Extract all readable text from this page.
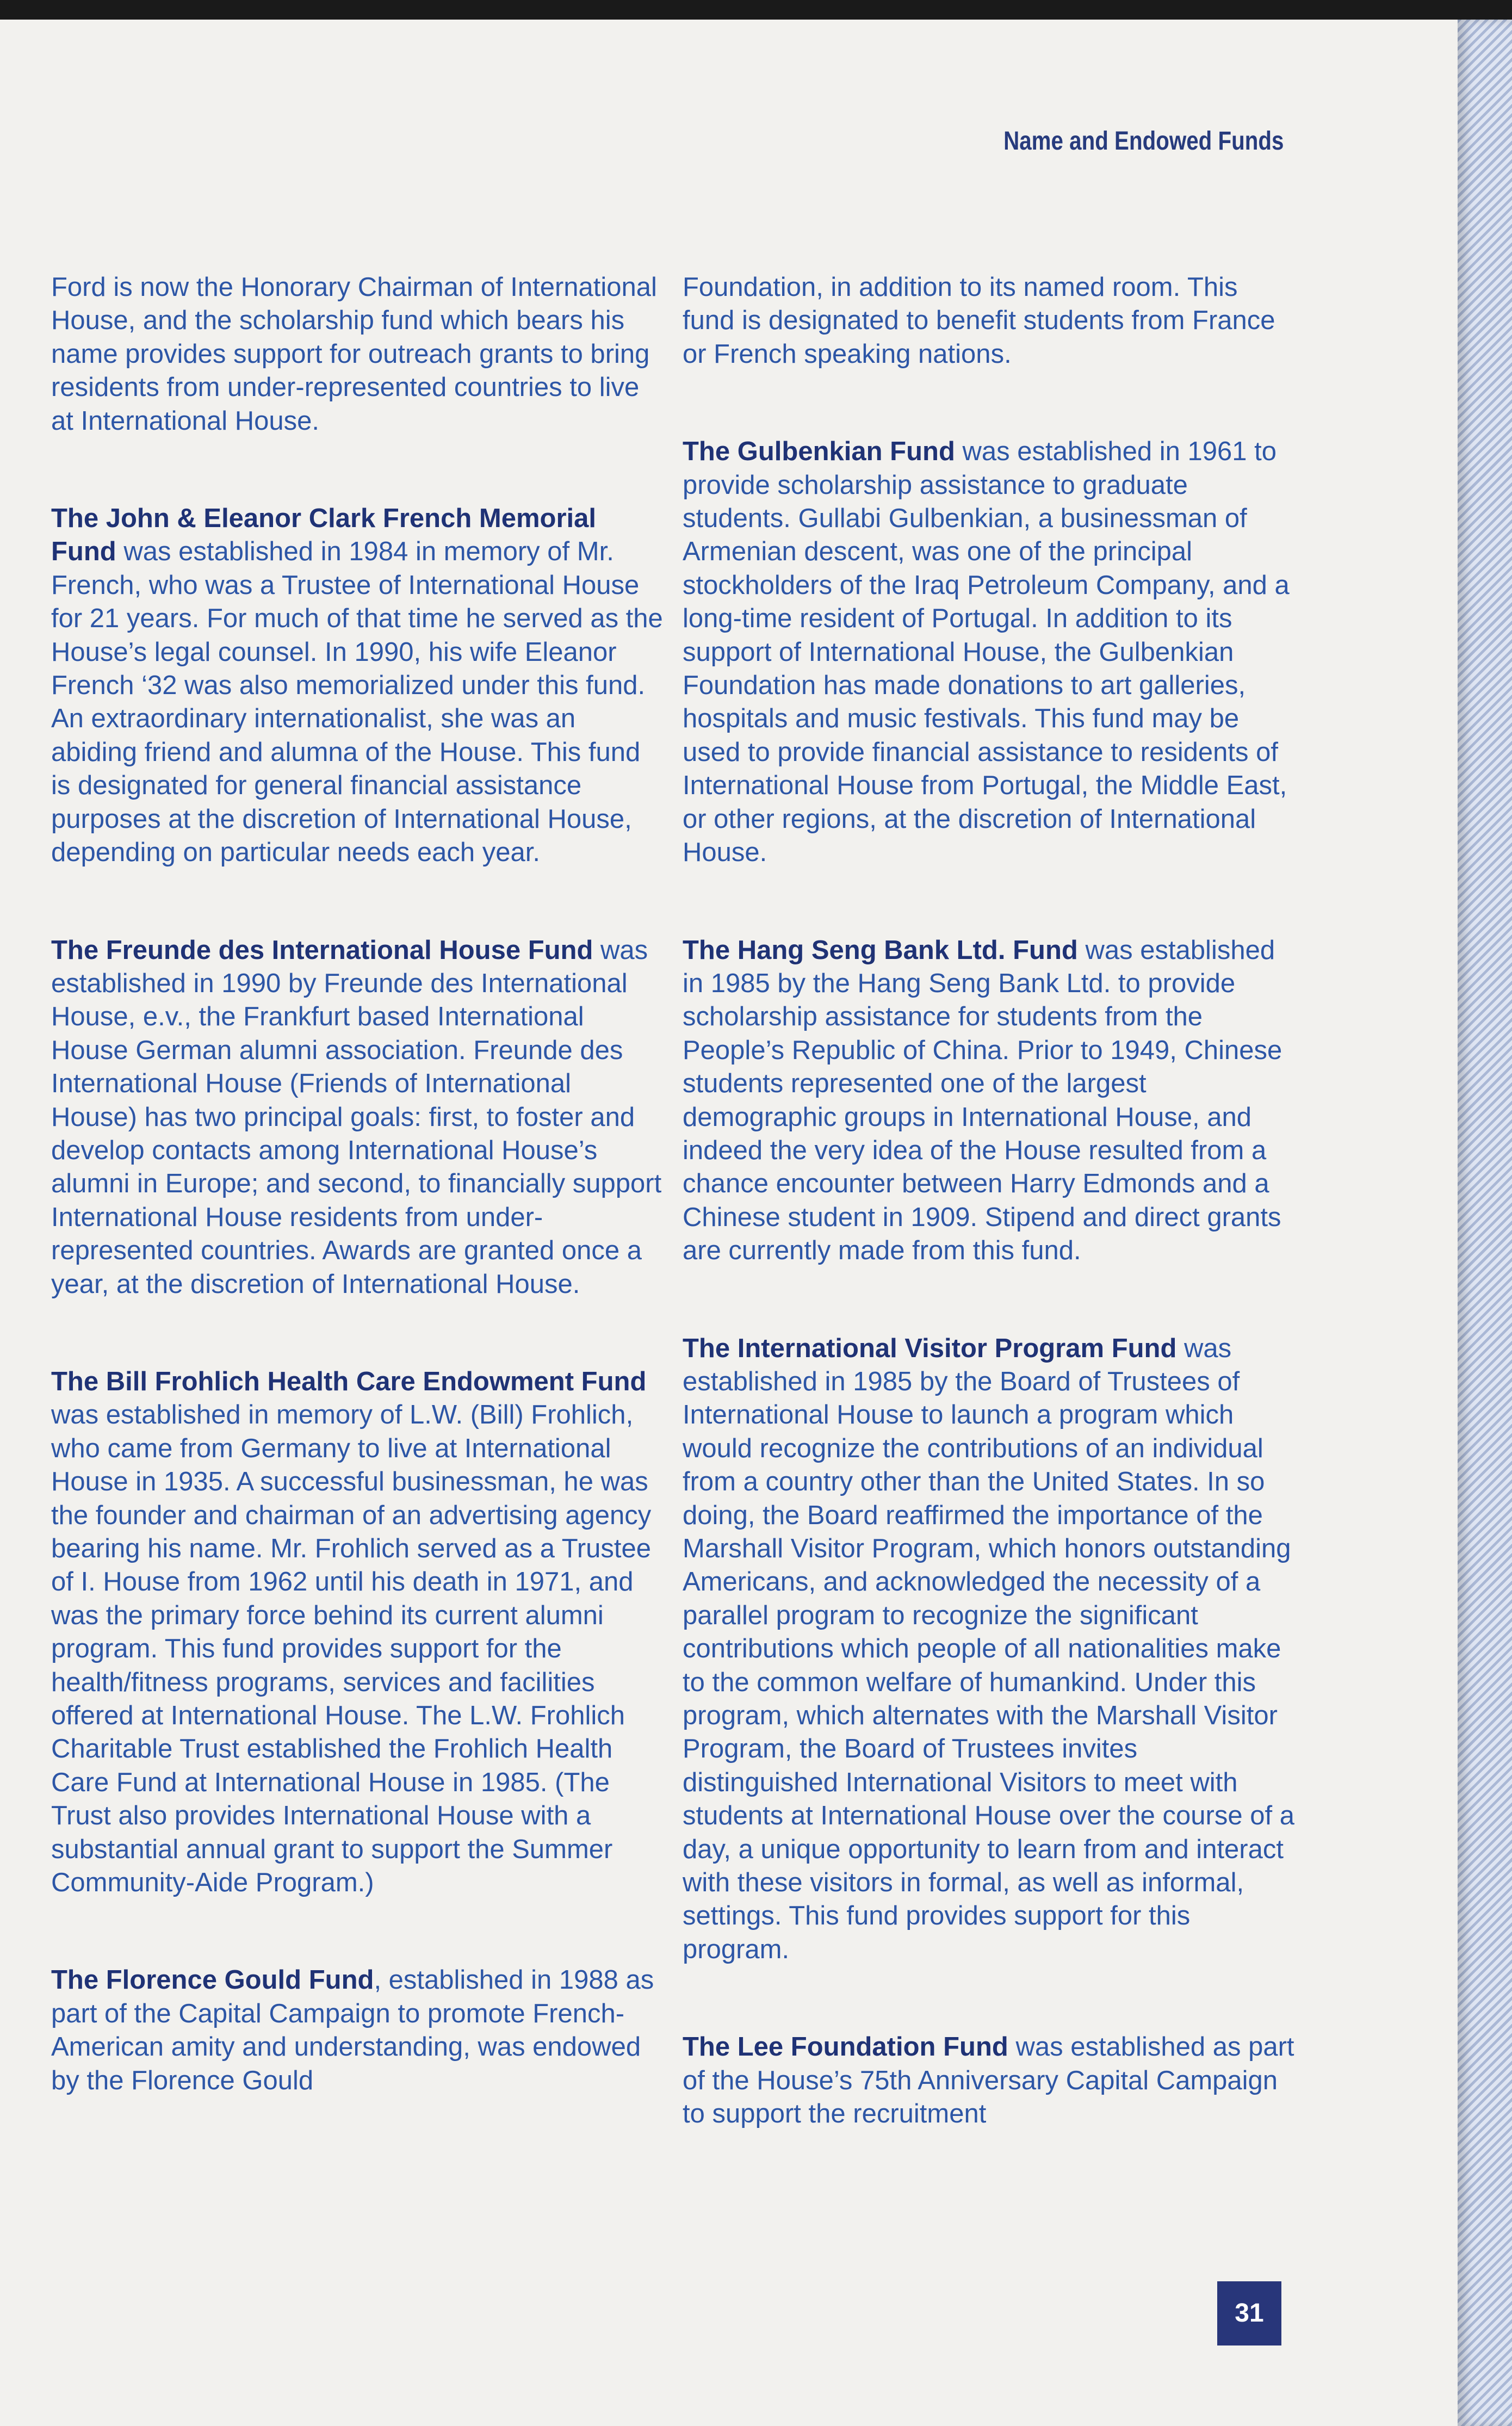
Name and Endowed Funds

Ford is now the Honorary Chairman of International House, and the scholarship fund which bears his name provides support for outreach grants to bring residents from under-represented countries to live at International House.

The John & Eleanor Clark French Memorial Fund was established in 1984 in memory of Mr. French, who was a Trustee of International House for 21 years. For much of that time he served as the House’s legal counsel. In 1990, his wife Eleanor French ‘32 was also memorialized under this fund. An extraordinary internationalist, she was an abiding friend and alumna of the House. This fund is designated for general financial assistance purposes at the discretion of International House, depending on particular needs each year.

The Freunde des International House Fund was established in 1990 by Freunde des International House, e.v., the Frankfurt based International House German alumni association. Freunde des International House (Friends of International House) has two principal goals: first, to foster and develop contacts among International House’s alumni in Europe; and second, to financially support International House residents from under-represented countries. Awards are granted once a year, at the discretion of International House.

The Bill Frohlich Health Care Endowment Fund was established in memory of L.W. (Bill) Frohlich, who came from Germany to live at International House in 1935. A successful businessman, he was the founder and chairman of an advertising agency bearing his name. Mr. Frohlich served as a Trustee of I. House from 1962 until his death in 1971, and was the primary force behind its current alumni program. This fund provides support for the health/fitness programs, services and facilities offered at International House. The L.W. Frohlich Charitable Trust established the Frohlich Health Care Fund at International House in 1985. (The Trust also provides International House with a substantial annual grant to support the Summer Community-Aide Program.)

The Florence Gould Fund, established in 1988 as part of the Capital Campaign to promote French-American amity and understanding, was endowed by the Florence Gould

Foundation, in addition to its named room. This fund is designated to benefit students from France or French speaking nations.

The Gulbenkian Fund was established in 1961 to provide scholarship assistance to graduate students. Gullabi Gulbenkian, a businessman of Armenian descent, was one of the principal stockholders of the Iraq Petroleum Company, and a long-time resident of Portugal. In addition to its support of International House, the Gulbenkian Foundation has made donations to art galleries, hospitals and music festivals. This fund may be used to provide financial assistance to residents of International House from Portugal, the Middle East, or other regions, at the discretion of International House.

The Hang Seng Bank Ltd. Fund was established in 1985 by the Hang Seng Bank Ltd. to provide scholarship assistance for students from the People’s Republic of China. Prior to 1949, Chinese students represented one of the largest demographic groups in International House, and indeed the very idea of the House resulted from a chance encounter between Harry Edmonds and a Chinese student in 1909. Stipend and direct grants are currently made from this fund.

The International Visitor Program Fund was established in 1985 by the Board of Trustees of International House to launch a program which would recognize the contributions of an individual from a country other than the United States. In so doing, the Board reaffirmed the importance of the Marshall Visitor Program, which honors outstanding Americans, and acknowledged the necessity of a parallel program to recognize the significant contributions which people of all nationalities make to the common welfare of humankind. Under this program, which alternates with the Marshall Visitor Program, the Board of Trustees invites distinguished International Visitors to meet with students at International House over the course of a day, a unique opportunity to learn from and interact with these visitors in formal, as well as informal, settings. This fund provides support for this program.

The Lee Foundation Fund was established as part of the House’s 75th Anniversary Capital Campaign to support the recruitment

31
